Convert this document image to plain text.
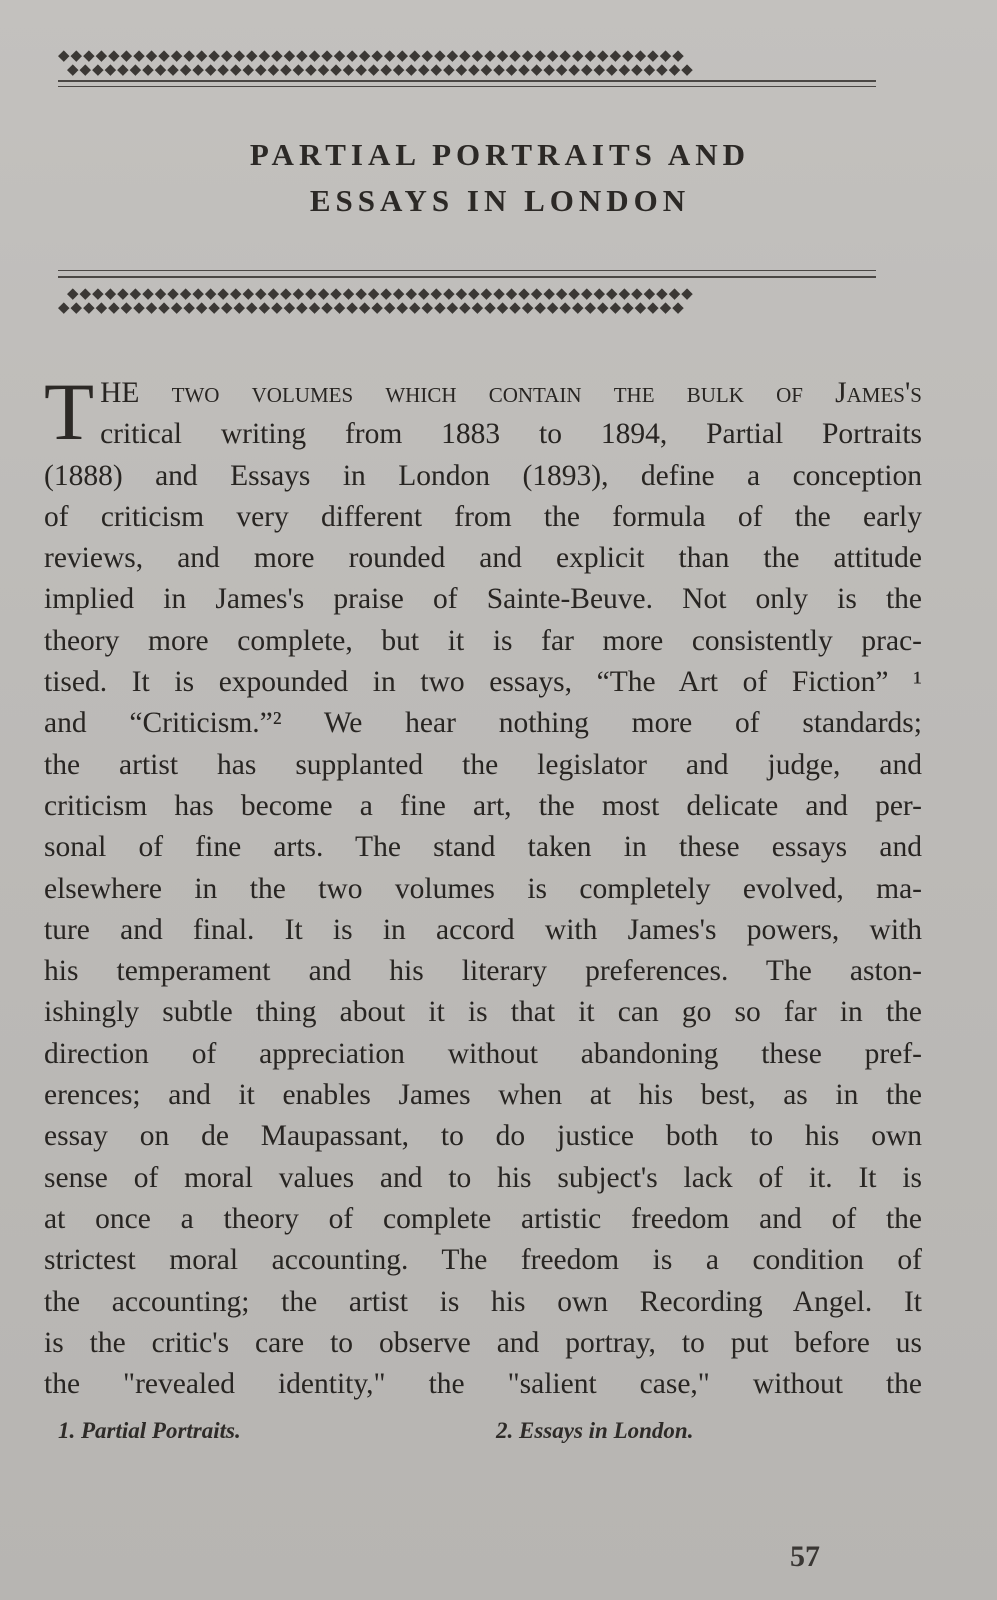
◆◆◆◆◆◆◆◆◆◆◆◆◆◆◆◆◆◆◆◆◆◆◆◆◆◆◆◆◆◆◆◆◆◆◆◆◆◆◆◆◆◆◆◆◆◆◆◆◆◆
◆◆◆◆◆◆◆◆◆◆◆◆◆◆◆◆◆◆◆◆◆◆◆◆◆◆◆◆◆◆◆◆◆◆◆◆◆◆◆◆◆◆◆◆◆◆◆◆◆◆
PARTIAL PORTRAITS AND
ESSAYS IN LONDON
◆◆◆◆◆◆◆◆◆◆◆◆◆◆◆◆◆◆◆◆◆◆◆◆◆◆◆◆◆◆◆◆◆◆◆◆◆◆◆◆◆◆◆◆◆◆◆◆◆◆
◆◆◆◆◆◆◆◆◆◆◆◆◆◆◆◆◆◆◆◆◆◆◆◆◆◆◆◆◆◆◆◆◆◆◆◆◆◆◆◆◆◆◆◆◆◆◆◆◆◆
T HE two volumes which contain the bulk of James's
critical writing from 1883 to 1894, Partial Portraits
(1888) and Essays in London (1893), define a conception
of criticism very different from the formula of the early
reviews, and more rounded and explicit than the attitude
implied in James's praise of Sainte-Beuve. Not only is the
theory more complete, but it is far more consistently prac-
tised. It is expounded in two essays, “The Art of Fiction” ¹
and “Criticism.”² We hear nothing more of standards;
the artist has supplanted the legislator and judge, and
criticism has become a fine art, the most delicate and per-
sonal of fine arts. The stand taken in these essays and
elsewhere in the two volumes is completely evolved, ma-
ture and final. It is in accord with James's powers, with
his temperament and his literary preferences. The aston-
ishingly subtle thing about it is that it can go so far in the
direction of appreciation without abandoning these pref-
erences; and it enables James when at his best, as in the
essay on de Maupassant, to do justice both to his own
sense of moral values and to his subject's lack of it. It is
at once a theory of complete artistic freedom and of the
strictest moral accounting. The freedom is a condition of
the accounting; the artist is his own Recording Angel. It
is the critic's care to observe and portray, to put before us
the "revealed identity," the "salient case," without the
1. Partial Portraits.	2. Essays in London.
57
